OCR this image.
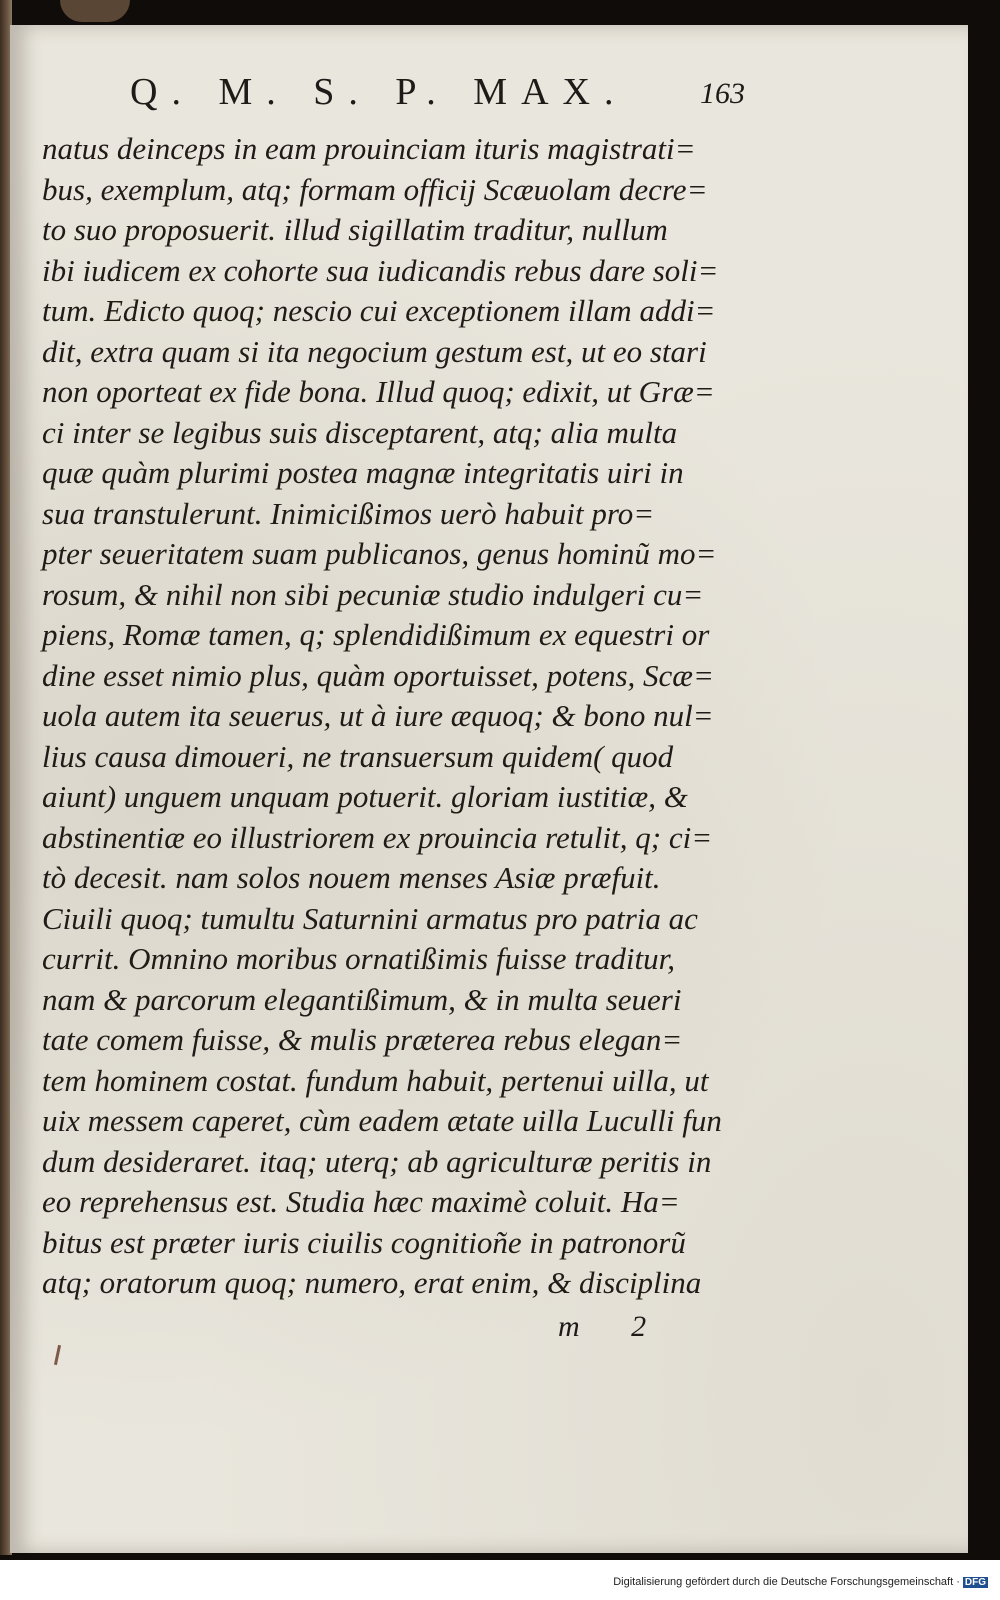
Q. M. S. P. MAX.	163
natus deinceps in eam prouinciam ituris magistrati=
bus, exemplum, atq; formam officij Scæuolam decre=
to suo proposuerit. illud sigillatim traditur, nullum
ibi iudicem ex cohorte sua iudicandis rebus dare soli=
tum. Edicto quoq; nescio cui exceptionem illam addi=
dit, extra quam si ita negocium gestum est, ut eo stari
non oporteat ex fide bona. Illud quoq; edixit, ut Græ=
ci inter se legibus suis disceptarent, atq; alia multa
quæ quàm plurimi postea magnæ integritatis uiri in
sua transtulerunt. Inimicißimos uerò habuit pro=
pter seueritatem suam publicanos, genus hominũ mo=
rosum, & nihil non sibi pecuniæ studio indulgeri cu=
piens, Romæ tamen, q; splendidißimum ex equestri or
dine esset nimio plus, quàm oportuisset, potens, Scæ=
uola autem ita seuerus, ut à iure æquoq; & bono nul=
lius causa dimoueri, ne transuersum quidem( quod
aiunt) unguem unquam potuerit. gloriam iustitiæ, &
abstinentiæ eo illustriorem ex prouincia retulit, q; ci=
tò decesit. nam solos nouem menses Asiæ præfuit.
Ciuili quoq; tumultu Saturnini armatus pro patria ac
currit. Omnino moribus ornatißimis fuisse traditur,
nam & parcorum elegantißimum, & in multa seueri
tate comem fuisse, & mulis præterea rebus elegan=
tem hominem costat. fundum habuit, pertenui uilla, ut
uix messem caperet, cùm eadem ætate uilla Luculli fun
dum desideraret. itaq; uterq; ab agriculturæ peritis in
eo reprehensus est. Studia hæc maximè coluit. Ha=
bitus est præter iuris ciuilis cognitioñe in patronorũ
atq; oratorum quoq; numero, erat enim, & disciplina
m 2
Digitalisierung gefördert durch die Deutsche Forschungsgemeinschaft · DFG
